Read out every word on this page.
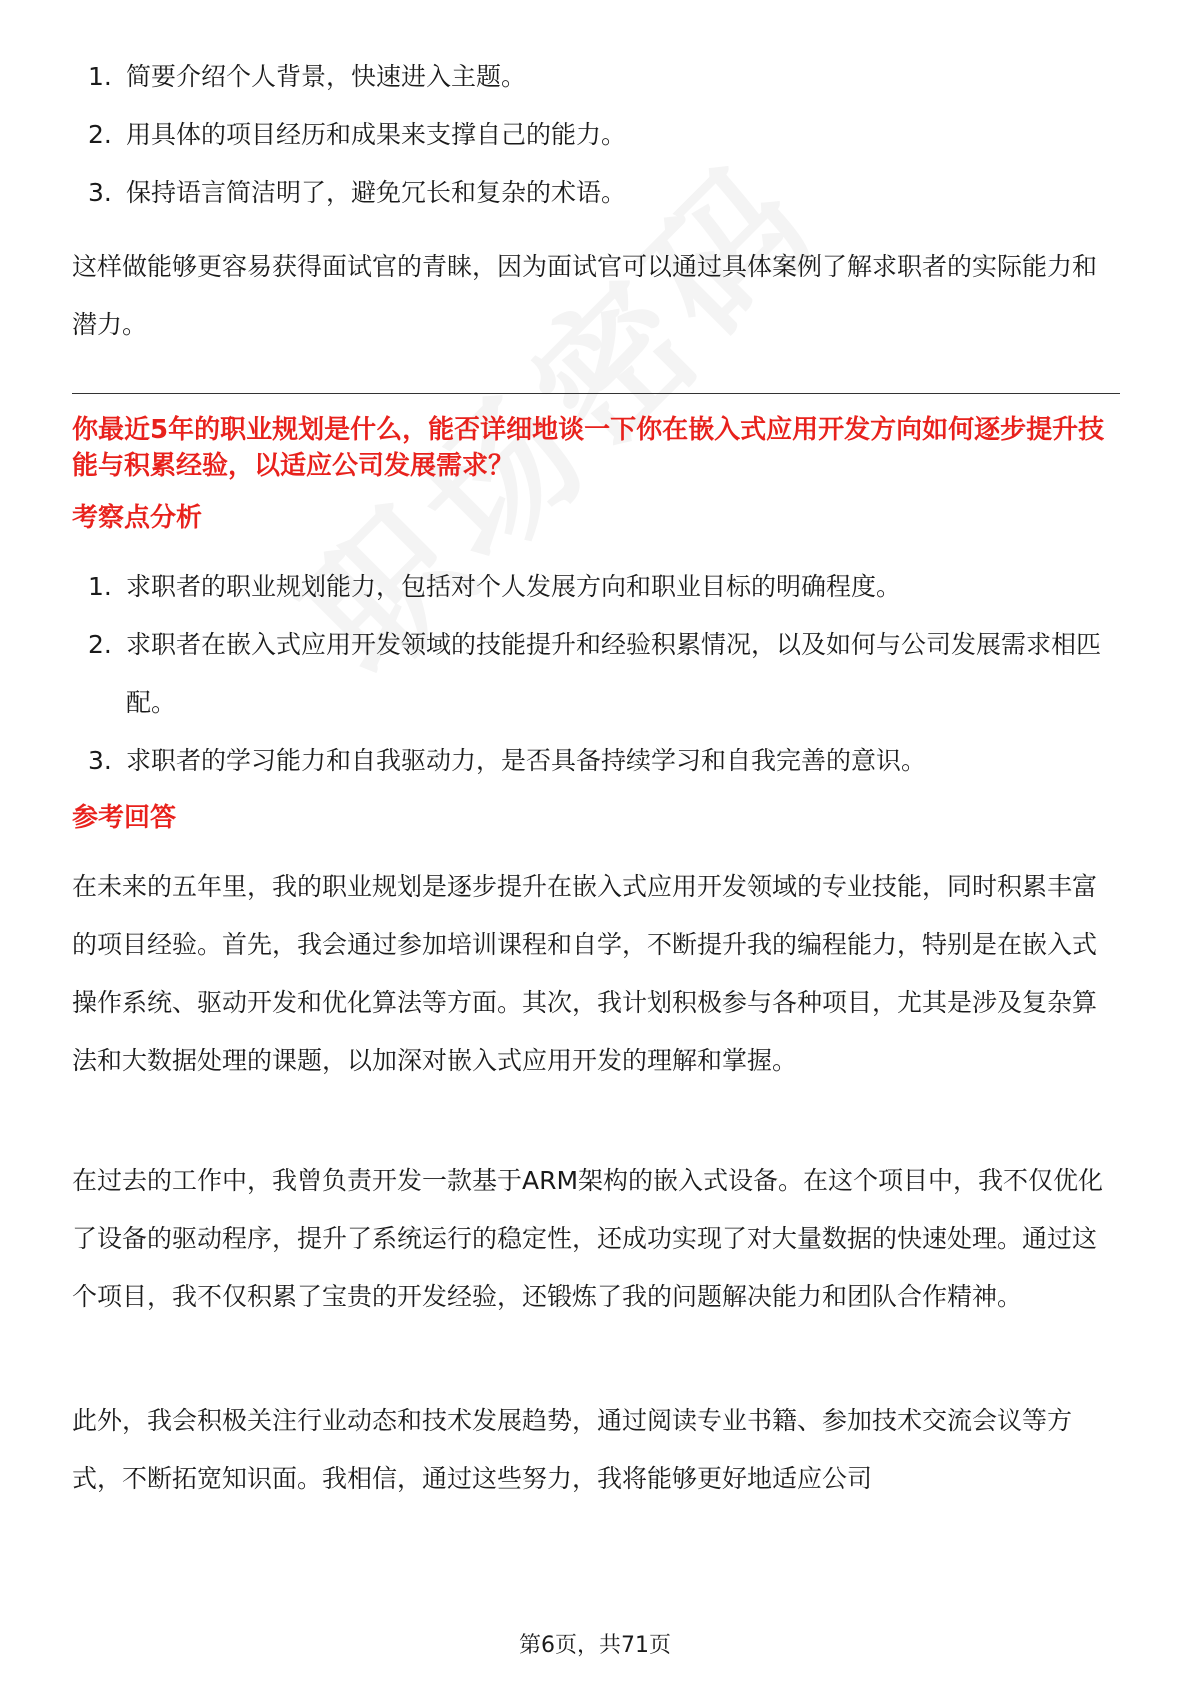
1. 简要介绍个人背景，快速进入主题。
2. 用具体的项目经历和成果来支撑自己的能力。
3. 保持语言简洁明了，避免冗长和复杂的术语。

这样做能够更容易获得面试官的青睐，因为面试官可以通过具体案例了解求职者的实际能力和潜力。

你最近5年的职业规划是什么，能否详细地谈一下你在嵌入式应用开发方向如何逐步提升技能与积累经验，以适应公司发展需求？

考察点分析

1. 求职者的职业规划能力，包括对个人发展方向和职业目标的明确程度。
2. 求职者在嵌入式应用开发领域的技能提升和经验积累情况，以及如何与公司发展需求相匹配。
3. 求职者的学习能力和自我驱动力，是否具备持续学习和自我完善的意识。

参考回答

在未来的五年里，我的职业规划是逐步提升在嵌入式应用开发领域的专业技能，同时积累丰富的项目经验。首先，我会通过参加培训课程和自学，不断提升我的编程能力，特别是在嵌入式操作系统、驱动开发和优化算法等方面。其次，我计划积极参与各种项目，尤其是涉及复杂算法和大数据处理的课题，以加深对嵌入式应用开发的理解和掌握。

在过去的工作中，我曾负责开发一款基于ARM架构的嵌入式设备。在这个项目中，我不仅优化了设备的驱动程序，提升了系统运行的稳定性，还成功实现了对大量数据的快速处理。通过这个项目，我不仅积累了宝贵的开发经验，还锻炼了我的问题解决能力和团队合作精神。

此外，我会积极关注行业动态和技术发展趋势，通过阅读专业书籍、参加技术交流会议等方式，不断拓宽知识面。我相信，通过这些努力，我将能够更好地适应公司

第6页，共71页
